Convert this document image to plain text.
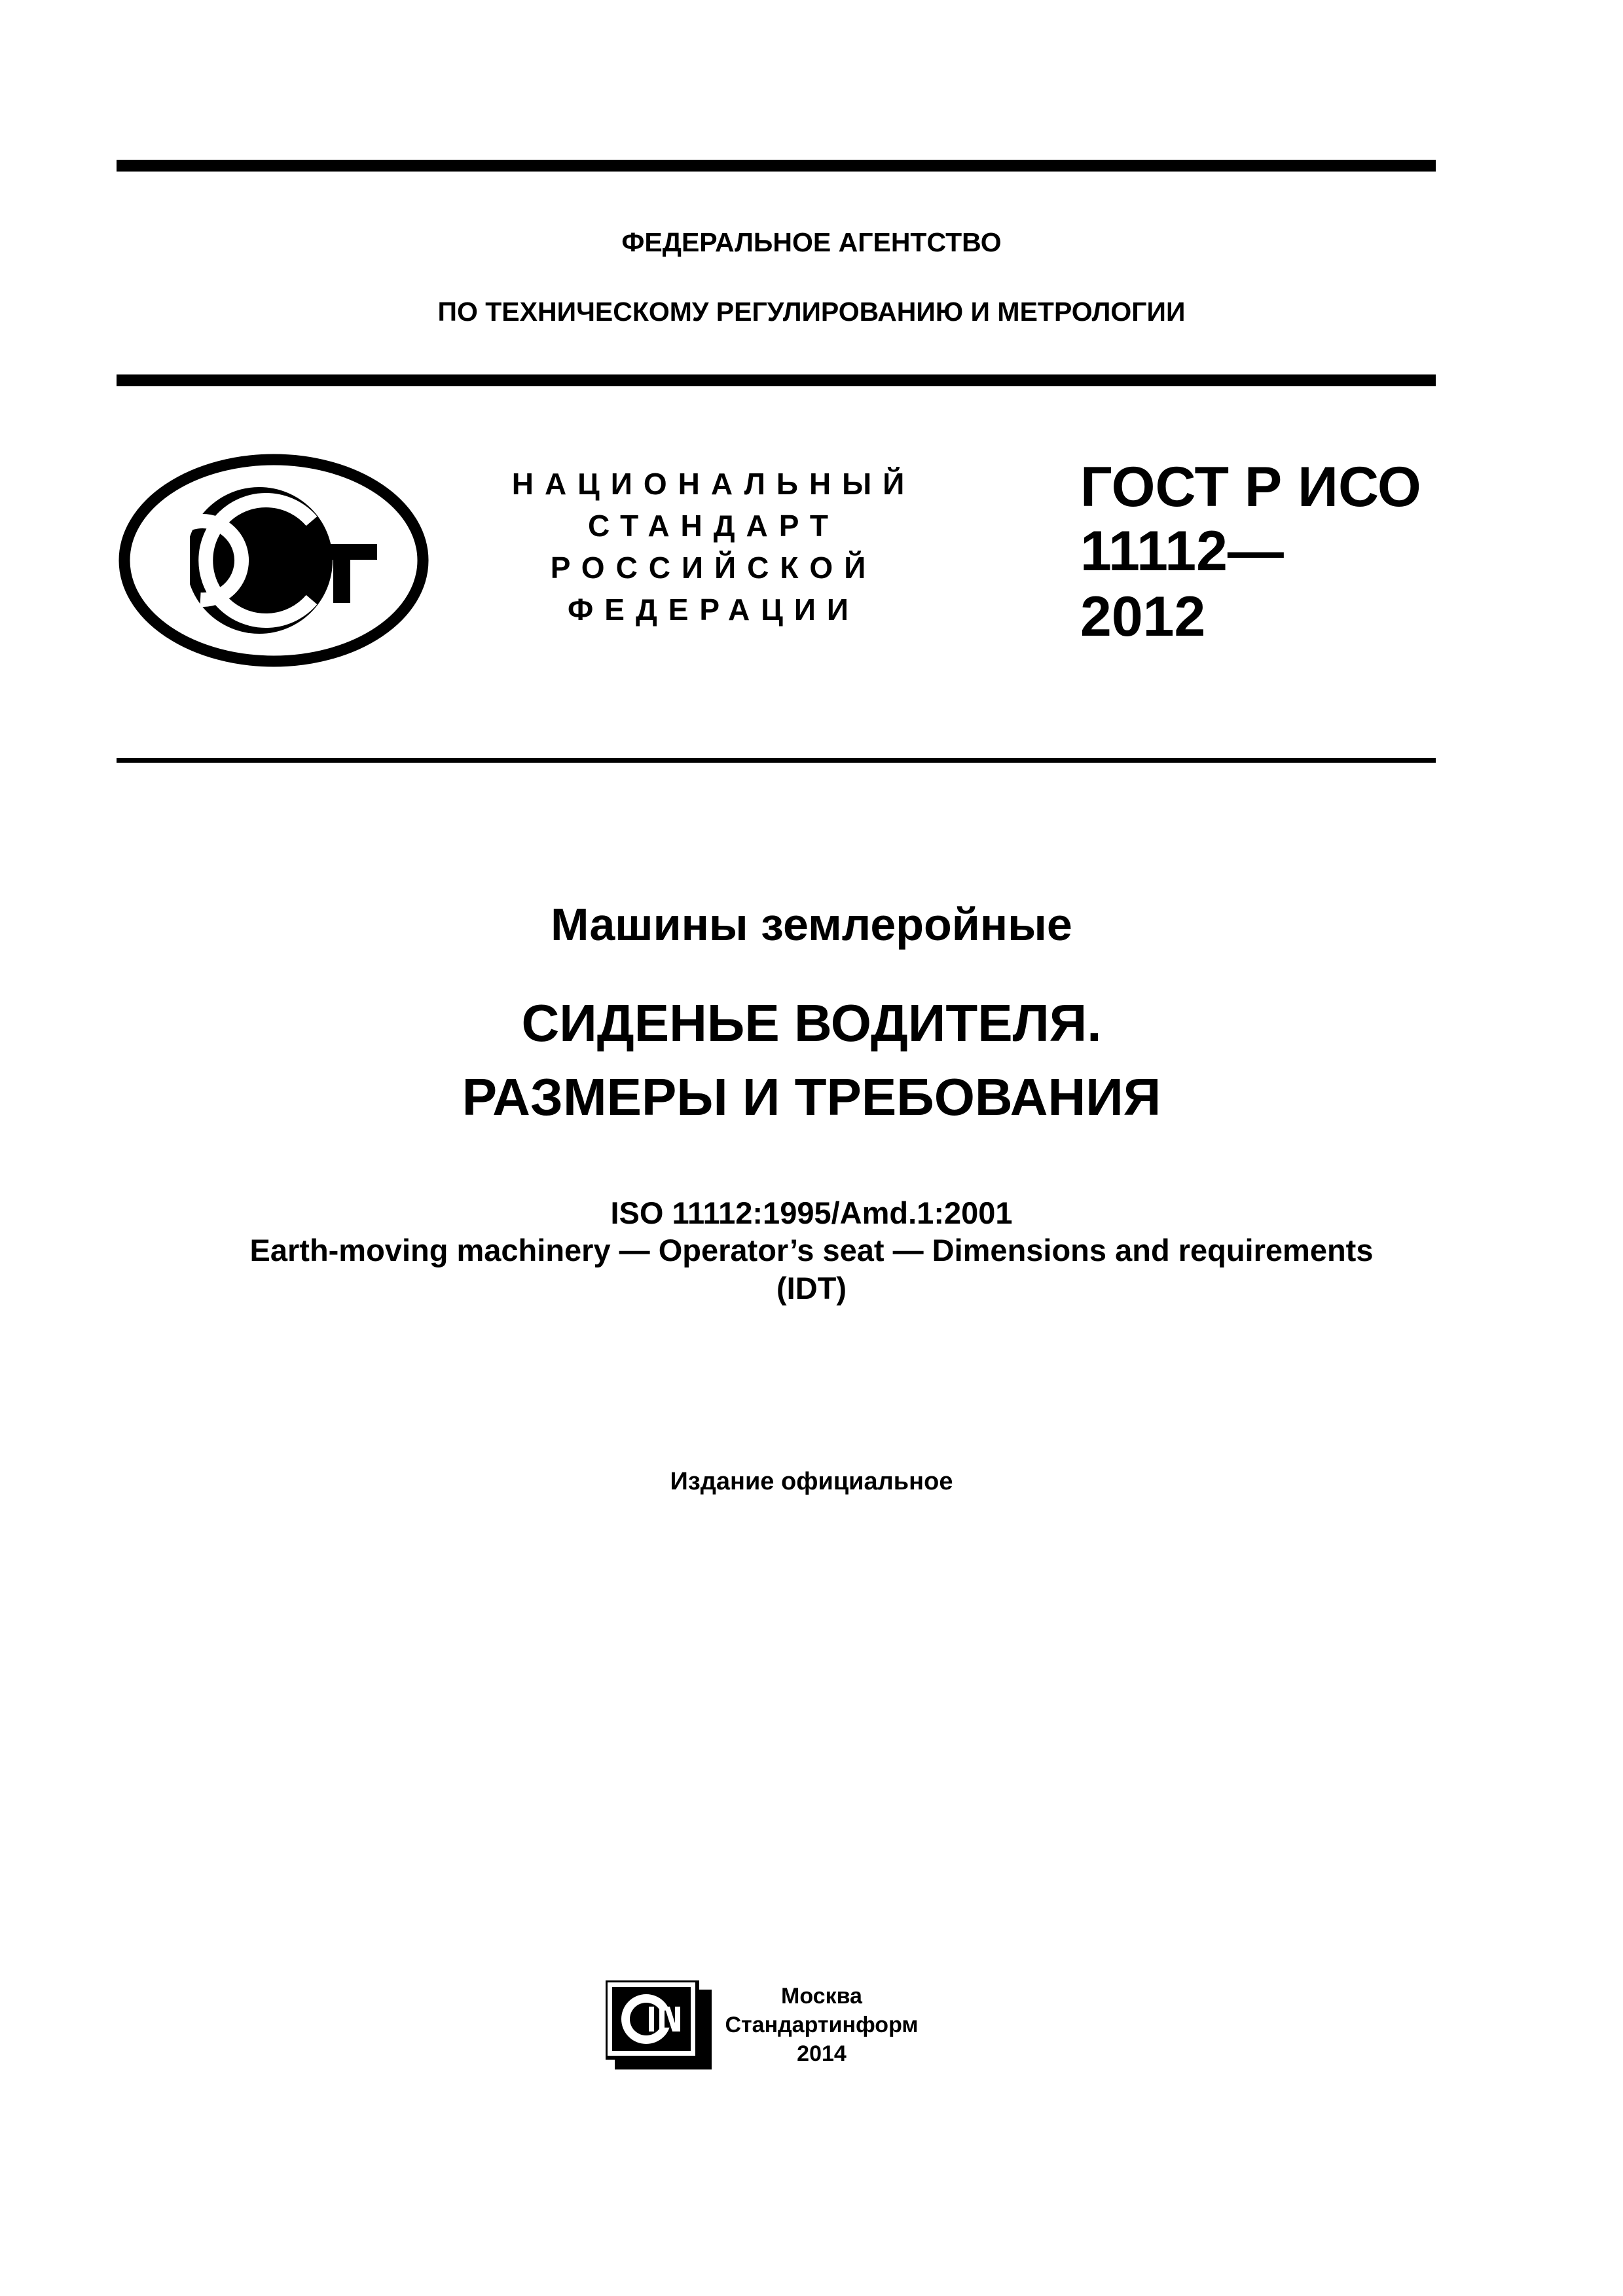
ФЕДЕРАЛЬНОЕ АГЕНТСТВО
ПО ТЕХНИЧЕСКОМУ РЕГУЛИРОВАНИЮ И МЕТРОЛОГИИ
НАЦИОНАЛЬНЫЙ
СТАНДАРТ
РОССИЙСКОЙ
ФЕДЕРАЦИИ
ГОСТ Р ИСО
11112—
2012
Машины землеройные
СИДЕНЬЕ ВОДИТЕЛЯ.
РАЗМЕРЫ И ТРЕБОВАНИЯ
ISO 11112:1995/Amd.1:2001
Earth-moving machinery — Operator’s seat — Dimensions and requirements
(IDT)
Издание официальное
Москва
Стандартинформ
2014
